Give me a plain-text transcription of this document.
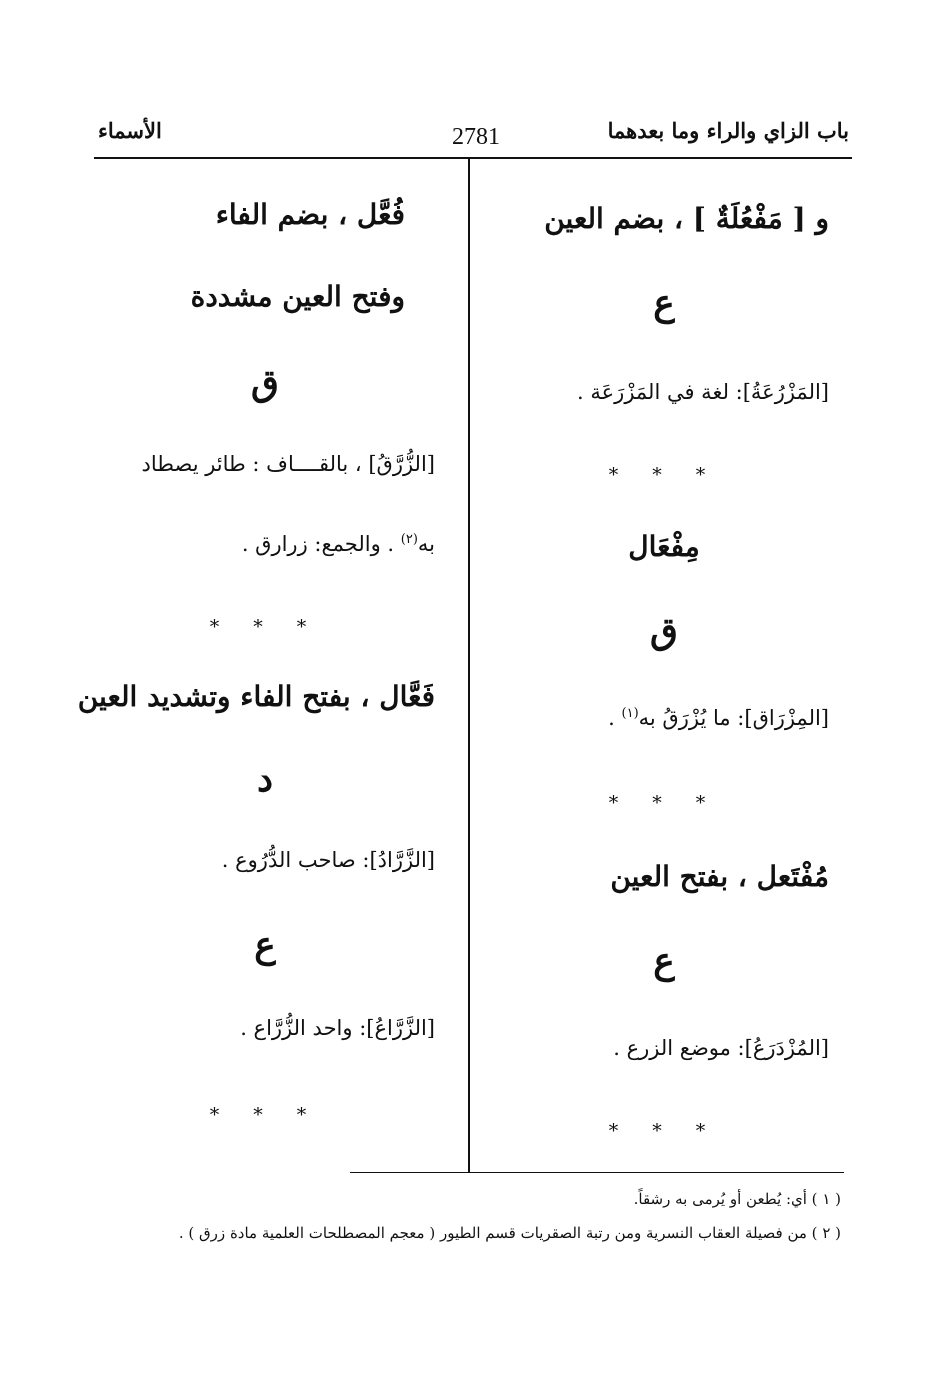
باب الزاي والراء وما بعدهما
2781
الأسماء
و [ مَفْعُلَةٌ ] ، بضم العين
ع
[المَزْرُعَةُ]: لغة في المَزْرَعَة .
* * *
مِفْعَال
ق
[المِزْرَاق]: ما يُزْرَقُ به$^{(١)}$ .
* * *
مُفْتَعل ، بفتح العين
ع
[المُزْدَرَعُ]: موضع الزرع .
* * *
فُعَّل ، بضم الفاء
وفتح العين مشددة
ق
[الزُّرَّقُ] ، بالقــــاف : طائر يصطاد
به$^{(٢)}$ . والجمع: زرارق .
* * *
فَعَّال ، بفتح الفاء وتشديد العين
د
[الزَّرَّادُ]: صاحب الدُّرُوع .
ع
[الزَّرَّاعُ]: واحد الزُّرَّاع .
* * *
( ١ ) أي: يُطعن أو يُرمى به رشقاً.
( ٢ ) من فصيلة العقاب النسرية ومن رتبة الصقريات قسم الطيور ( معجم المصطلحات العلمية مادة زرق ) .
